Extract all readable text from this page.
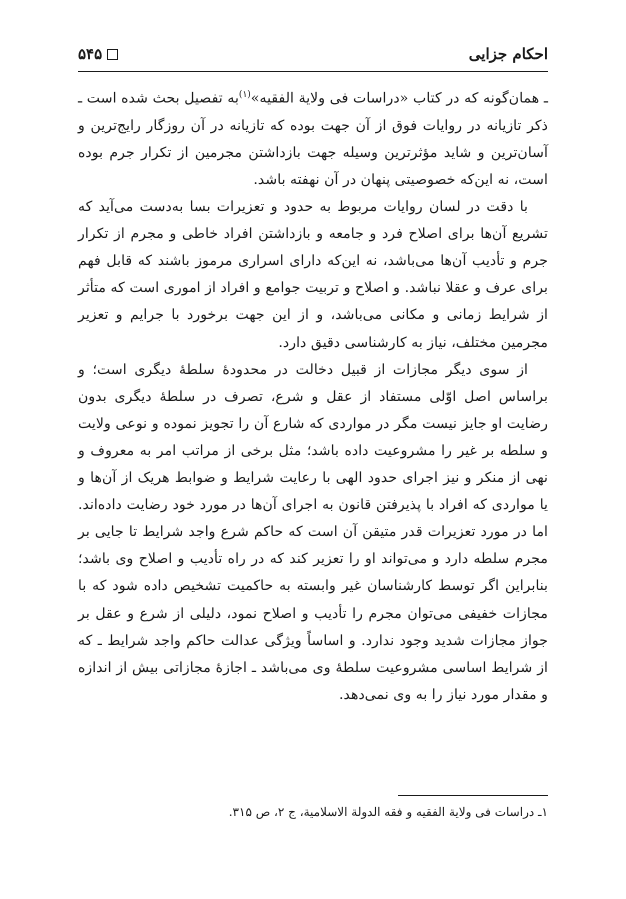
احکام جزایی
۵۴۵

ـ همان‌گونه که در کتاب «دراسات فی ولایة الفقیه»$^{(۱)}$به تفصیل بحث شده است ـ ذکر تازیانه در روایات فوق از آن جهت بوده که تازیانه در آن روزگار رایج‌ترین و آسان‌ترین و شاید مؤثرترین وسیله جهت بازداشتن مجرمین از تکرار جرم بوده است، نه این‌که خصوصیتی پنهان در آن نهفته باشد.

با دقت در لسان روایات مربوط به حدود و تعزیرات بسا به‌دست می‌آید که تشریع آن‌ها برای اصلاح فرد و جامعه و بازداشتن افراد خاطی و مجرم از تکرار جرم و تأدیب آن‌ها می‌باشد، نه این‌که دارای اسراری مرموز باشند که قابل فهم برای عرف و عقلا نباشد. و اصلاح و تربیت جوامع و افراد از اموری است که متأثر از شرایط زمانی و مکانی می‌باشد، و از این جهت برخورد با جرایم و تعزیر مجرمین مختلف، نیاز به کارشناسی دقیق دارد.

از سوی دیگر مجازات از قبیل دخالت در محدودهٔ سلطهٔ دیگری است؛ و براساس اصل اوّلی مستفاد از عقل و شرع، تصرف در سلطهٔ دیگری بدون رضایت او جایز نیست مگر در مواردی که شارع آن را تجویز نموده و نوعی ولایت و سلطه بر غیر را مشروعیت داده باشد؛ مثل برخی از مراتب امر به معروف و نهی از منکر و نیز اجرای حدود الهی با رعایت شرایط و ضوابط هریک از آن‌ها و یا مواردی که افراد با پذیرفتن قانون به اجرای آن‌ها در مورد خود رضایت داده‌اند. اما در مورد تعزیرات قدر متیقن آن است که حاکم شرع واجد شرایط تا جایی بر مجرم سلطه دارد و می‌تواند او را تعزیر کند که در راه تأدیب و اصلاح وی باشد؛ بنابراین اگر توسط کارشناسان غیر وابسته به حاکمیت تشخیص داده شود که با مجازات خفیفی می‌توان مجرم را تأدیب و اصلاح نمود، دلیلی از شرع و عقل بر جواز مجازات شدید وجود ندارد. و اساساً ویژگی عدالت حاکم واجد شرایط ـ که از شرایط اساسی مشروعیت سلطهٔ وی می‌باشد ـ اجازهٔ مجازاتی بیش از اندازه و مقدار مورد نیاز را به وی نمی‌دهد.

۱ـ دراسات فی ولایة الفقیه و فقه الدولة الاسلامیة، ج ۲، ص ۳۱۵.
